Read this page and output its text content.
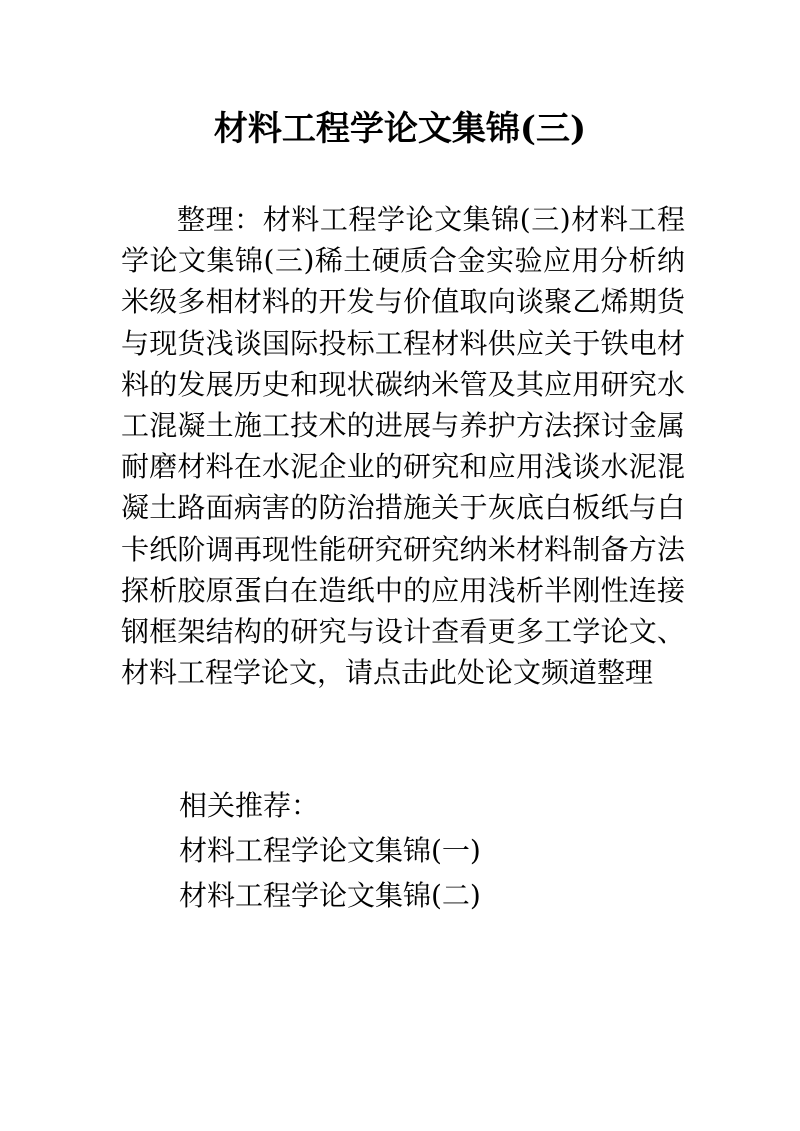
材料工程学论文集锦(三)

整理：材料工程学论文集锦(三)材料工程学论文集锦(三)稀土硬质合金实验应用分析纳米级多相材料的开发与价值取向谈聚乙烯期货与现货浅谈国际投标工程材料供应关于铁电材料的发展历史和现状碳纳米管及其应用研究水工混凝土施工技术的进展与养护方法探讨金属耐磨材料在水泥企业的研究和应用浅谈水泥混凝土路面病害的防治措施关于灰底白板纸与白卡纸阶调再现性能研究研究纳米材料制备方法探析胶原蛋白在造纸中的应用浅析半刚性连接钢框架结构的研究与设计查看更多工学论文、材料工程学论文，请点击此处论文频道整理

相关推荐：
材料工程学论文集锦(一)
材料工程学论文集锦(二)
